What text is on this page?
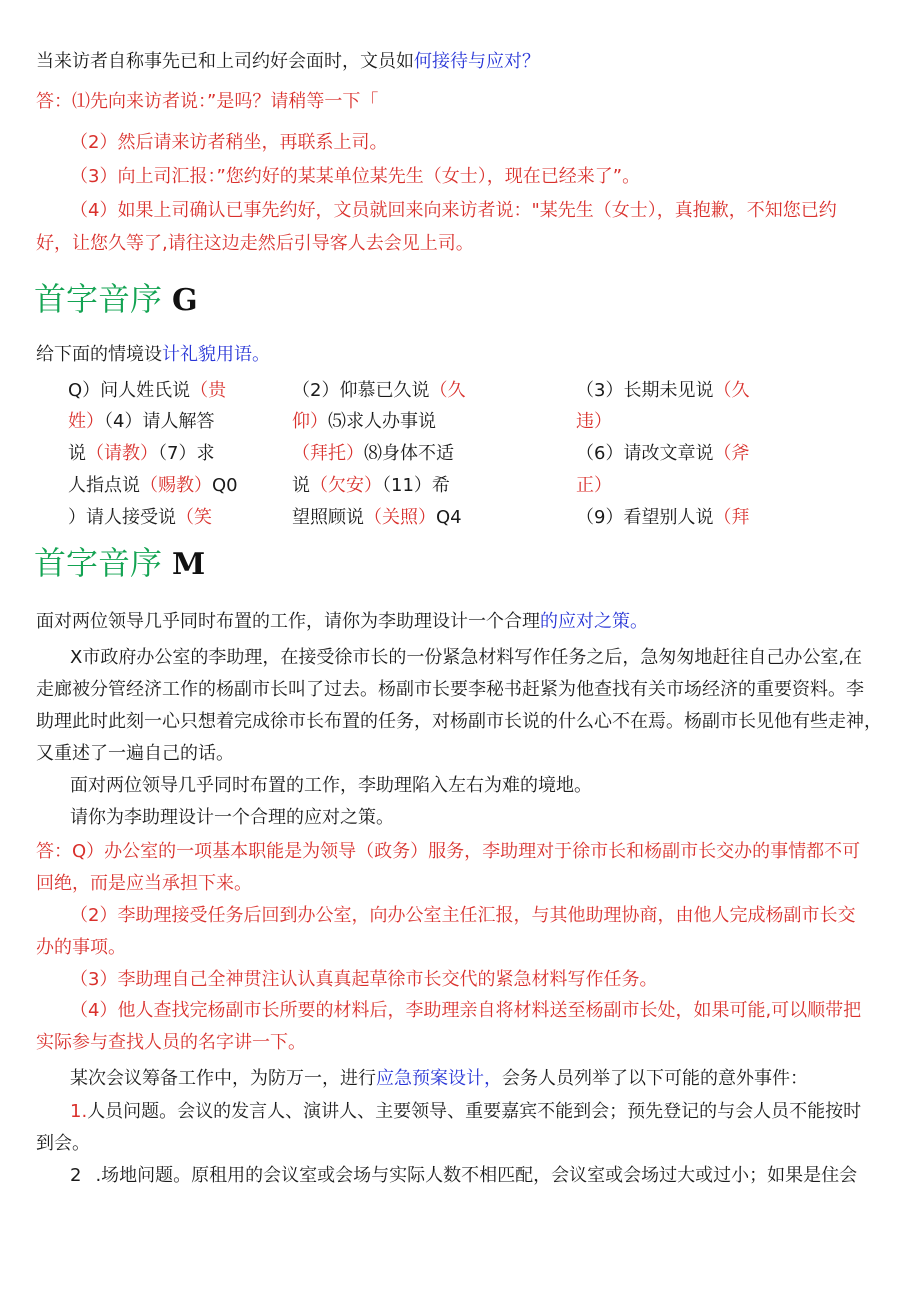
当来访者自称事先已和上司约好会面时，文员如何接待与应对？
答：⑴先向来访者说：”是吗？请稍等一下「
（2）然后请来访者稍坐，再联系上司。
（3）向上司汇报：”您约好的某某单位某先生（女士），现在已经来了”。
（4）如果上司确认已事先约好，文员就回来向来访者说："某先生（女士），真抱歉，不知您已约
好，让您久等了,请往这边走然后引导客人去会见上司。
首字音序 G
给下面的情境设计礼貌用语。
Q）问人姓氏说（贵
姓）（4）请人解答
说（请教）（7）求
人指点说（赐教）Q0
）请人接受说（笑
（2）仰慕已久说（久
仰）⑸求人办事说
（拜托）⑻身体不适
说（欠安）（11）希
望照顾说（关照）Q4
（3）长期未见说（久
违）
（6）请改文章说（斧
正）
（9）看望别人说（拜
首字音序 M
面对两位领导几乎同时布置的工作，请你为李助理设计一个合理的应对之策。
X市政府办公室的李助理，在接受徐市长的一份紧急材料写作任务之后，急匆匆地赶往自己办公室,在
走廊被分管经济工作的杨副市长叫了过去。杨副市长要李秘书赶紧为他查找有关市场经济的重要资料。李
助理此时此刻一心只想着完成徐市长布置的任务，对杨副市长说的什么心不在焉。杨副市长见他有些走神，
又重述了一遍自己的话。
面对两位领导几乎同时布置的工作，李助理陷入左右为难的境地。
请你为李助理设计一个合理的应对之策。
答：Q）办公室的一项基本职能是为领导（政务）服务，李助理对于徐市长和杨副市长交办的事情都不可
回绝，而是应当承担下来。
（2）李助理接受任务后回到办公室，向办公室主任汇报，与其他助理协商，由他人完成杨副市长交
办的事项。
（3）李助理自己全神贯注认认真真起草徐市长交代的紧急材料写作任务。
（4）他人查找完杨副市长所要的材料后，李助理亲自将材料送至杨副市长处，如果可能,可以顺带把
实际参与查找人员的名字讲一下。
某次会议筹备工作中，为防万一，进行应急预案设计，会务人员列举了以下可能的意外事件：
1.人员问题。会议的发言人、演讲人、主要领导、重要嘉宾不能到会；预先登记的与会人员不能按时
到会。
2 .场地问题。原租用的会议室或会场与实际人数不相匹配，会议室或会场过大或过小；如果是住会
